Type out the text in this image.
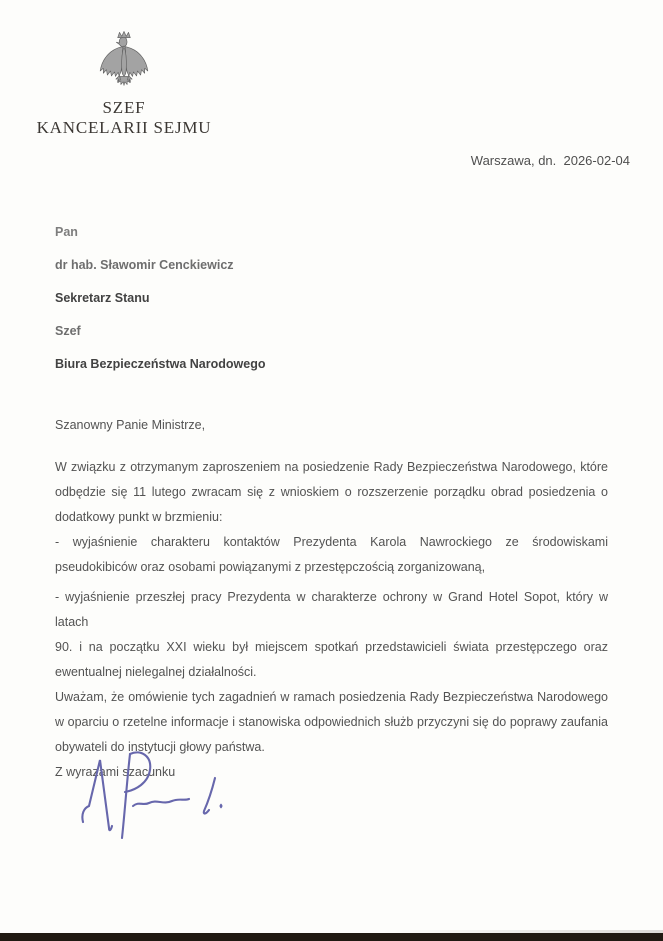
SZEF
KANCELARII SEJMU
Warszawa, dn.  2026-02-04
Pan
dr hab. Sławomir Cenckiewicz
Sekretarz Stanu
Szef
Biura Bezpieczeństwa Narodowego

Szanowny Panie Ministrze,

W związku z otrzymanym zaproszeniem na posiedzenie Rady Bezpieczeństwa Narodowego, które
odbędzie się 11 lutego zwracam się z wnioskiem o rozszerzenie porządku obrad posiedzenia o
dodatkowy punkt w brzmieniu:
- wyjaśnienie charakteru kontaktów Prezydenta Karola Nawrockiego ze środowiskami
pseudokibiców oraz osobami powiązanymi z przestępczością zorganizowaną,
- wyjaśnienie przeszłej pracy Prezydenta w charakterze ochrony w Grand Hotel Sopot, który w latach
90. i na początku XXI wieku był miejscem spotkań przedstawicieli świata przestępczego oraz
ewentualnej nielegalnej działalności.
Uważam, że omówienie tych zagadnień w ramach posiedzenia Rady Bezpieczeństwa Narodowego
w oparciu o rzetelne informacje i stanowiska odpowiednich służb przyczyni się do poprawy zaufania
obywateli do instytucji głowy państwa.

Z wyrazami szacunku
